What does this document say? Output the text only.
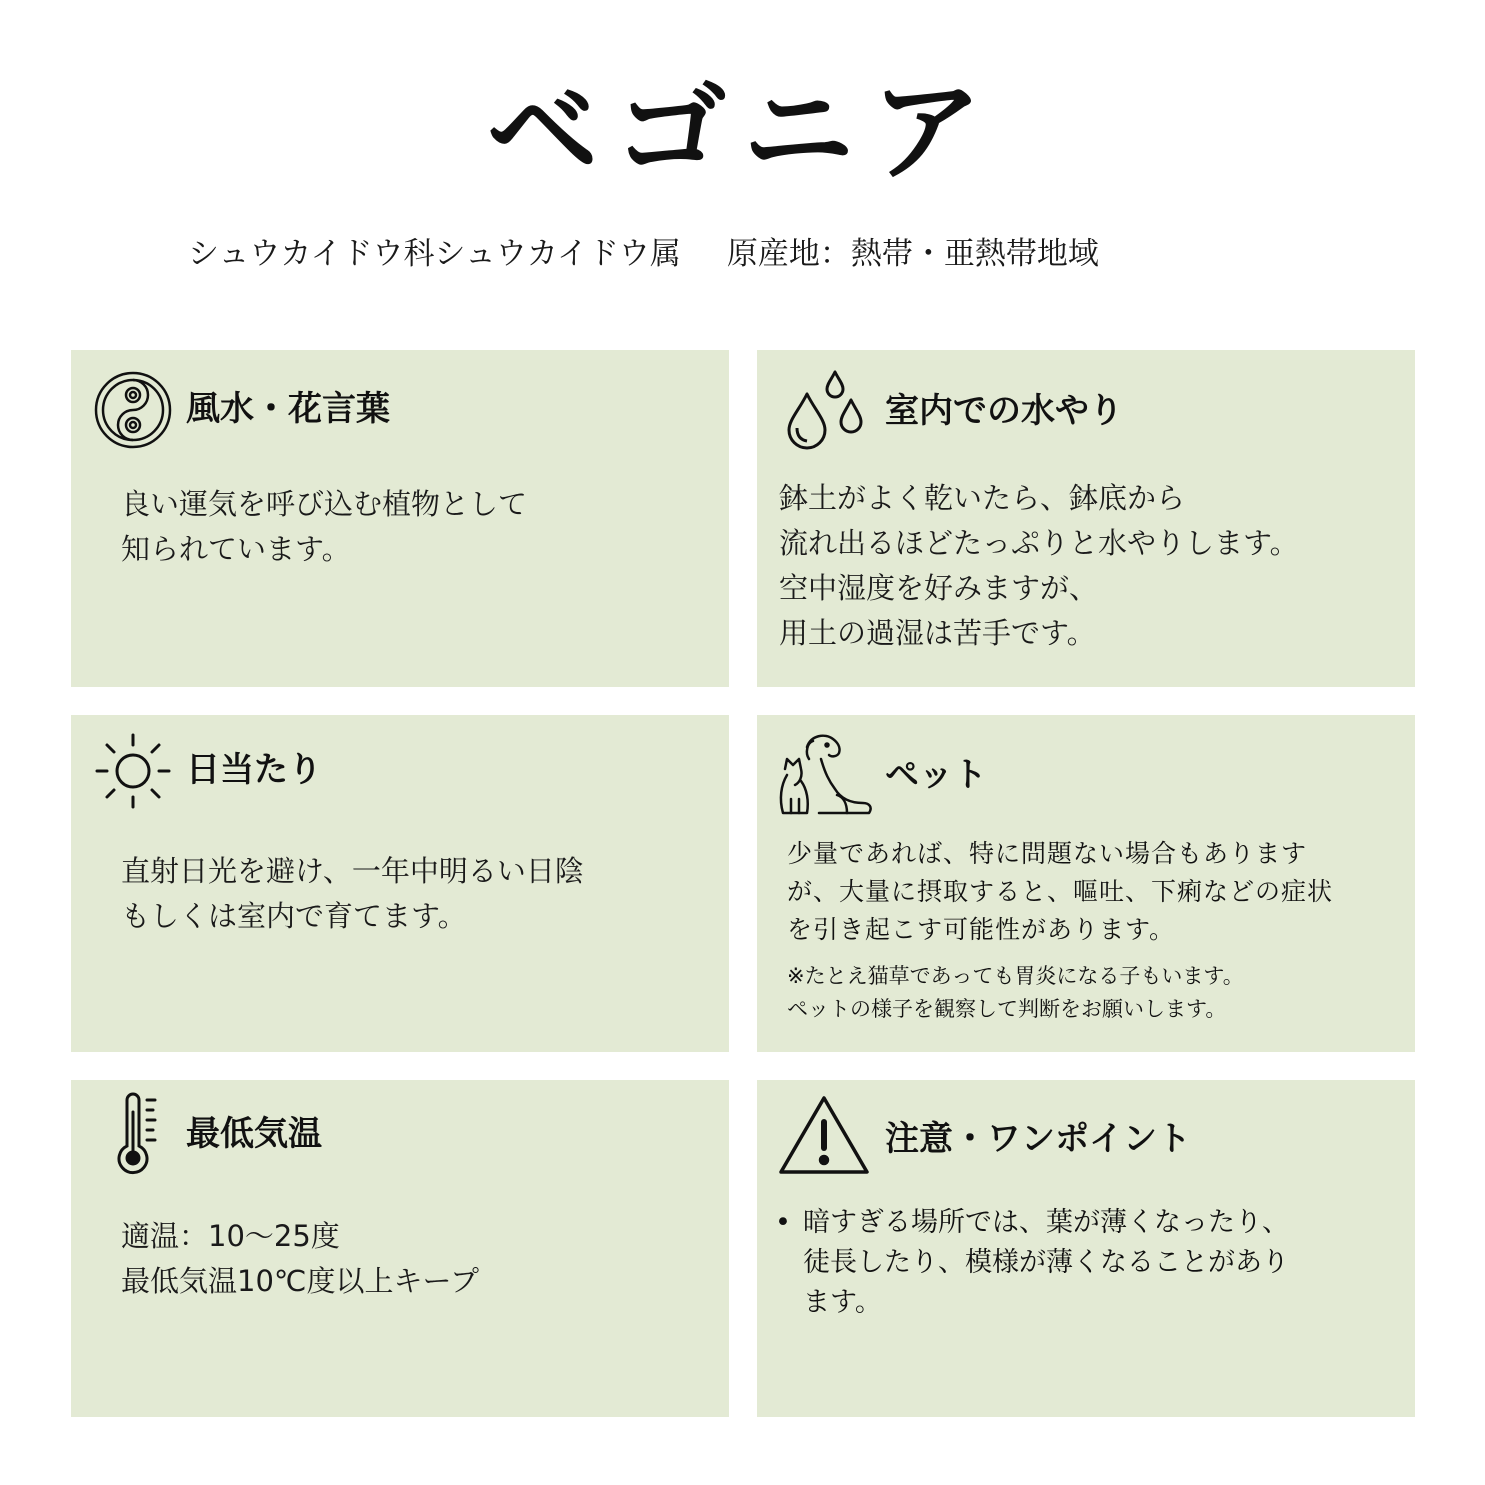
ベゴニア
シュウカイドウ科シュウカイドウ属 原産地：熱帯・亜熱帯地域
風水・花言葉
良い運気を呼び込む植物として
知られています。
室内での水やり
鉢土がよく乾いたら、鉢底から
流れ出るほどたっぷりと水やりします。
空中湿度を好みますが、
用土の過湿は苦手です。
日当たり
直射日光を避け、一年中明るい日陰
もしくは室内で育てます。
ペット
少量であれば、特に問題ない場合もあります
が、大量に摂取すると、嘔吐、下痢などの症状
を引き起こす可能性があります。
※たとえ猫草であっても胃炎になる子もいます。
ペットの様子を観察して判断をお願いします。
最低気温
適温：10〜25度
最低気温10℃度以上キープ
注意・ワンポイント
• 暗すぎる場所では、葉が薄くなったり、
徒長したり、模様が薄くなることがあり
ます。
